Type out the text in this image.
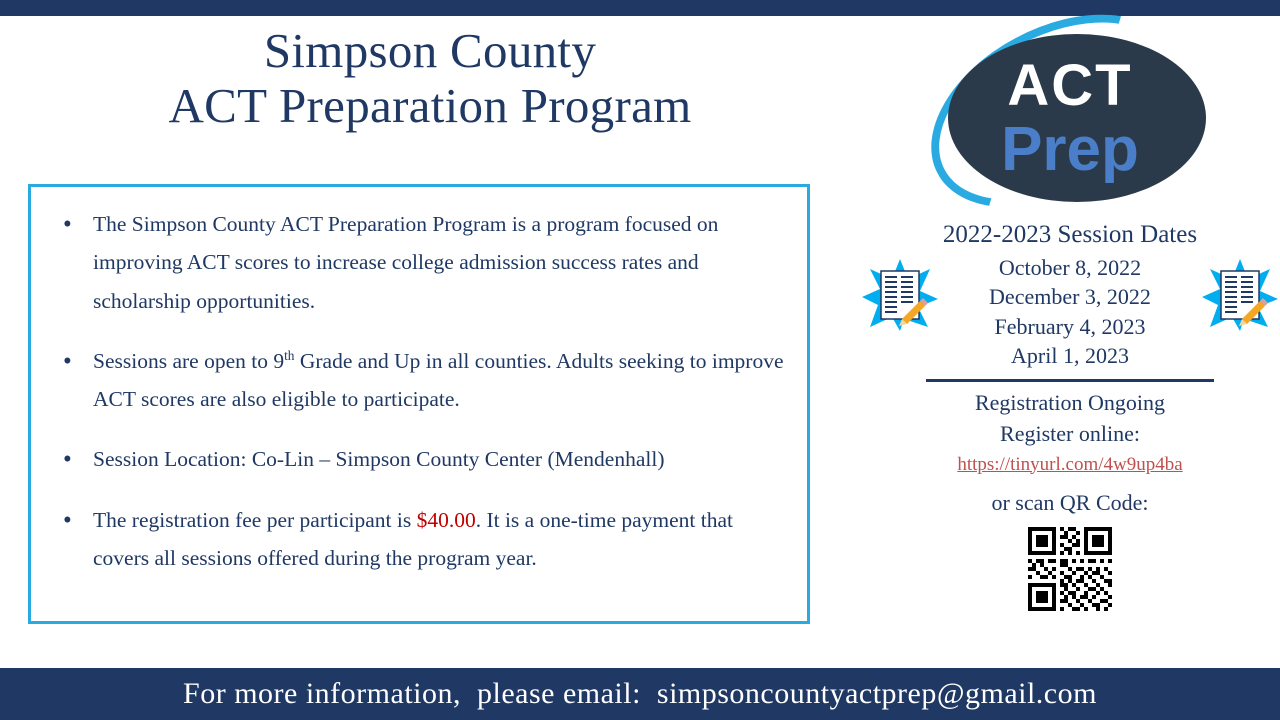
Simpson County
ACT Preparation Program
• The Simpson County ACT Preparation Program is a program focused on improving ACT scores to increase college admission success rates and scholarship opportunities.
• Sessions are open to 9th Grade and Up in all counties. Adults seeking to improve ACT scores are also eligible to participate.
• Session Location: Co-Lin – Simpson County Center (Mendenhall)
• The registration fee per participant is $40.00. It is a one-time payment that covers all sessions offered during the program year.
ACT
Prep
2022-2023 Session Dates
October 8, 2022
December 3, 2022
February 4, 2023
April 1, 2023
Registration Ongoing
Register online:
https://tinyurl.com/4w9up4ba
or scan QR Code:
For more information,  please email:  simpsoncountyactprep@gmail.com
